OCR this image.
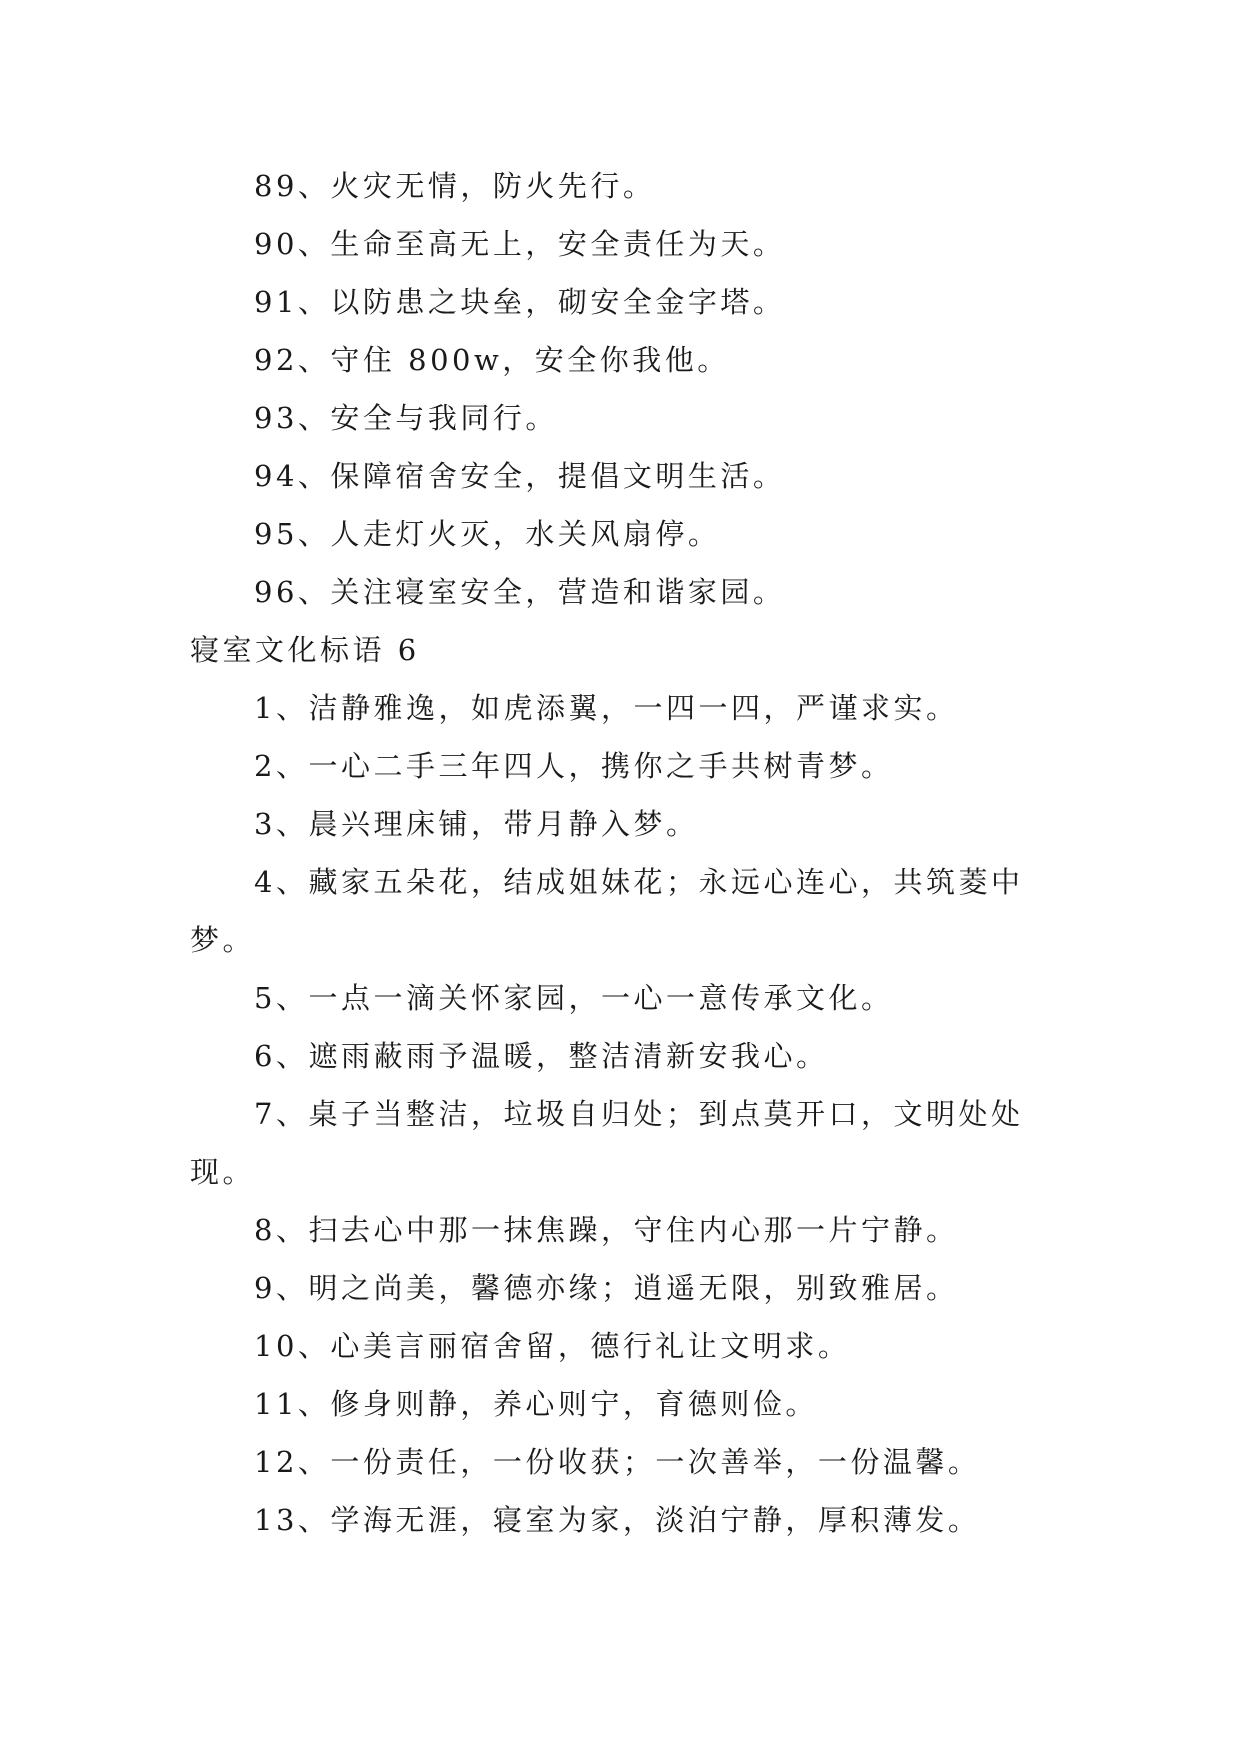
89、火灾无情，防火先行。

90、生命至高无上，安全责任为天。

91、以防患之块垒，砌安全金字塔。

92、守住 800w，安全你我他。

93、安全与我同行。

94、保障宿舍安全，提倡文明生活。

95、人走灯火灭，水关风扇停。

96、关注寝室安全，营造和谐家园。

寝室文化标语 6

1、洁静雅逸，如虎添翼，一四一四，严谨求实。

2、一心二手三年四人，携你之手共树青梦。

3、晨兴理床铺，带月静入梦。

4、藏家五朵花，结成姐妹花；永远心连心，共筑菱中梦。

5、一点一滴关怀家园，一心一意传承文化。

6、遮雨蔽雨予温暖，整洁清新安我心。

7、桌子当整洁，垃圾自归处；到点莫开口，文明处处现。

8、扫去心中那一抹焦躁，守住内心那一片宁静。

9、明之尚美，馨德亦缘；逍遥无限，别致雅居。

10、心美言丽宿舍留，德行礼让文明求。

11、修身则静，养心则宁，育德则俭。

12、一份责任，一份收获；一次善举，一份温馨。

13、学海无涯，寝室为家，淡泊宁静，厚积薄发。
